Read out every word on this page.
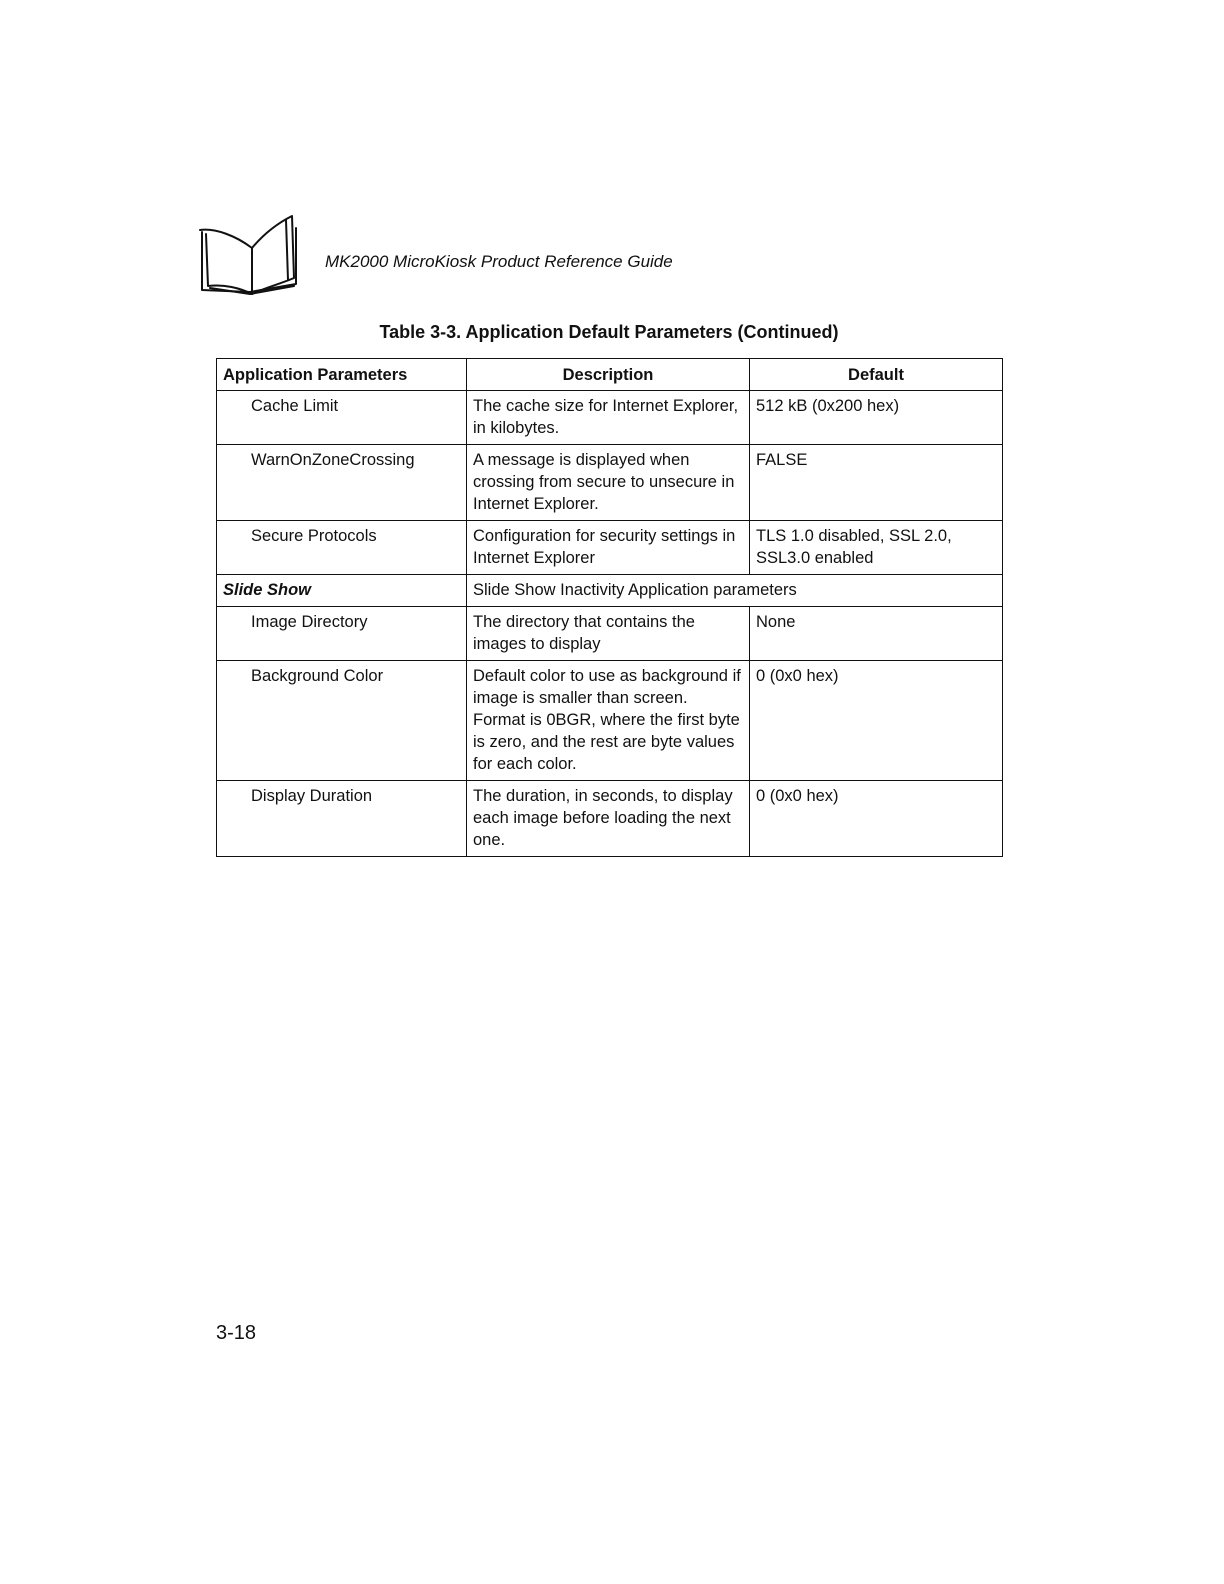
MK2000 MicroKiosk Product Reference Guide
Table 3-3. Application Default Parameters (Continued)
Application Parameters	Description	Default
Cache Limit	The cache size for Internet Explorer, in kilobytes.	512 kB (0x200 hex)
WarnOnZoneCrossing	A message is displayed when crossing from secure to unsecure in Internet Explorer.	FALSE
Secure Protocols	Configuration for security settings in Internet Explorer	TLS 1.0 disabled, SSL 2.0, SSL3.0 enabled
Slide Show	Slide Show Inactivity Application parameters	
Image Directory	The directory that contains the images to display	None
Background Color	Default color to use as background if image is smaller than screen. Format is 0BGR, where the first byte is zero, and the rest are byte values for each color.	0 (0x0 hex)
Display Duration	The duration, in seconds, to display each image before loading the next one.	0 (0x0 hex)
3-18
